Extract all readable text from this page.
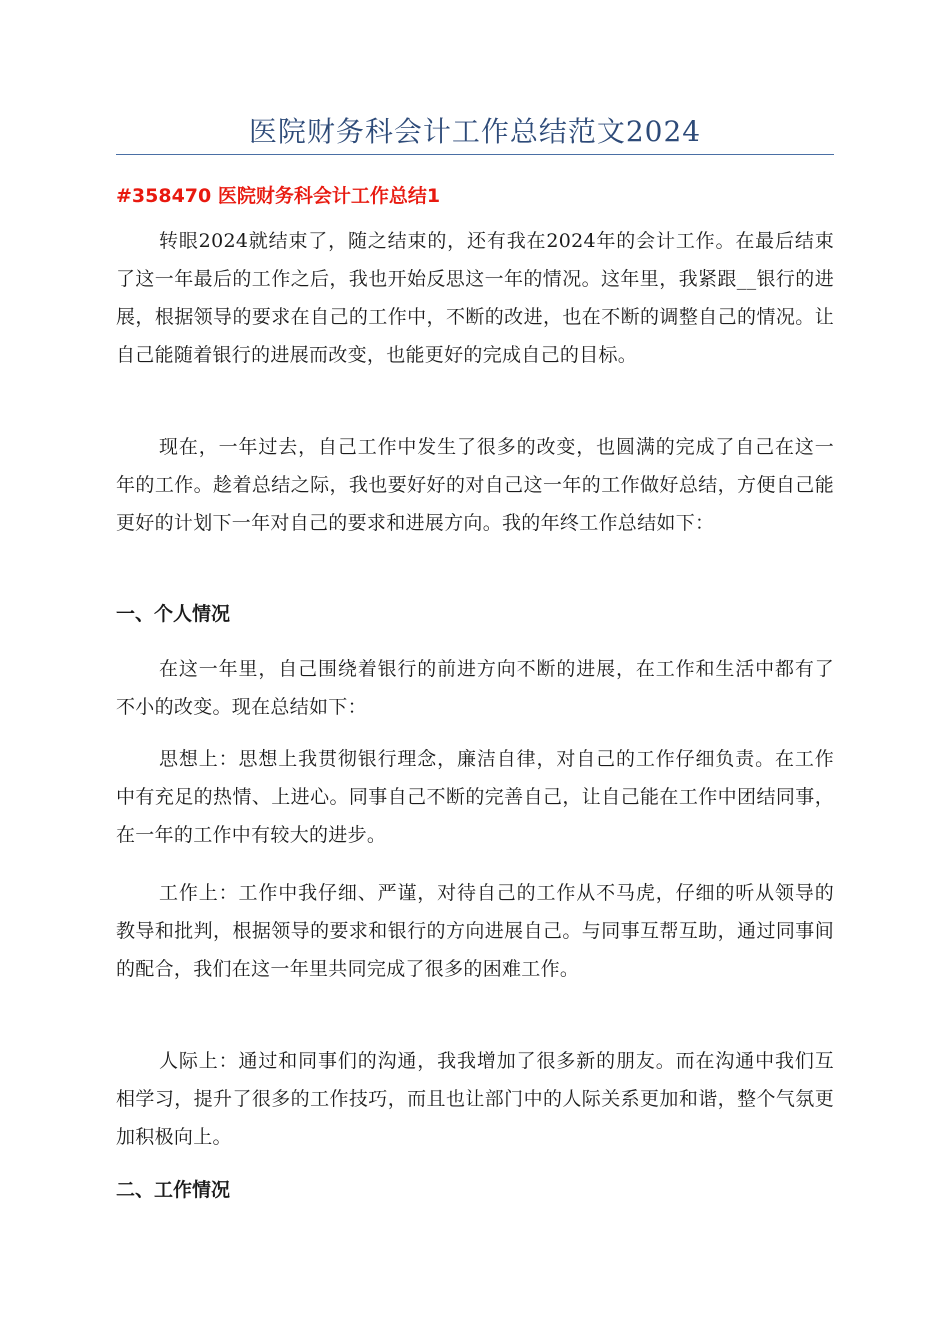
医院财务科会计工作总结范文2024
#358470 医院财务科会计工作总结1

转眼2024就结束了，随之结束的，还有我在2024年的会计工作。在最后结束了这一年最后的工作之后，我也开始反思这一年的情况。这年里，我紧跟__银行的进展，根据领导的要求在自己的工作中，不断的改进，也在不断的调整自己的情况。让自己能随着银行的进展而改变，也能更好的完成自己的目标。

现在，一年过去，自己工作中发生了很多的改变，也圆满的完成了自己在这一年的工作。趁着总结之际，我也要好好的对自己这一年的工作做好总结，方便自己能更好的计划下一年对自己的要求和进展方向。我的年终工作总结如下：

一、个人情况

在这一年里，自己围绕着银行的前进方向不断的进展，在工作和生活中都有了不小的改变。现在总结如下：

思想上：思想上我贯彻银行理念，廉洁自律，对自己的工作仔细负责。在工作中有充足的热情、上进心。同事自己不断的完善自己，让自己能在工作中团结同事，在一年的工作中有较大的进步。

工作上：工作中我仔细、严谨，对待自己的工作从不马虎，仔细的听从领导的教导和批判，根据领导的要求和银行的方向进展自己。与同事互帮互助，通过同事间的配合，我们在这一年里共同完成了很多的困难工作。

人际上：通过和同事们的沟通，我我增加了很多新的朋友。而在沟通中我们互相学习，提升了很多的工作技巧，而且也让部门中的人际关系更加和谐，整个气氛更加积极向上。

二、工作情况
